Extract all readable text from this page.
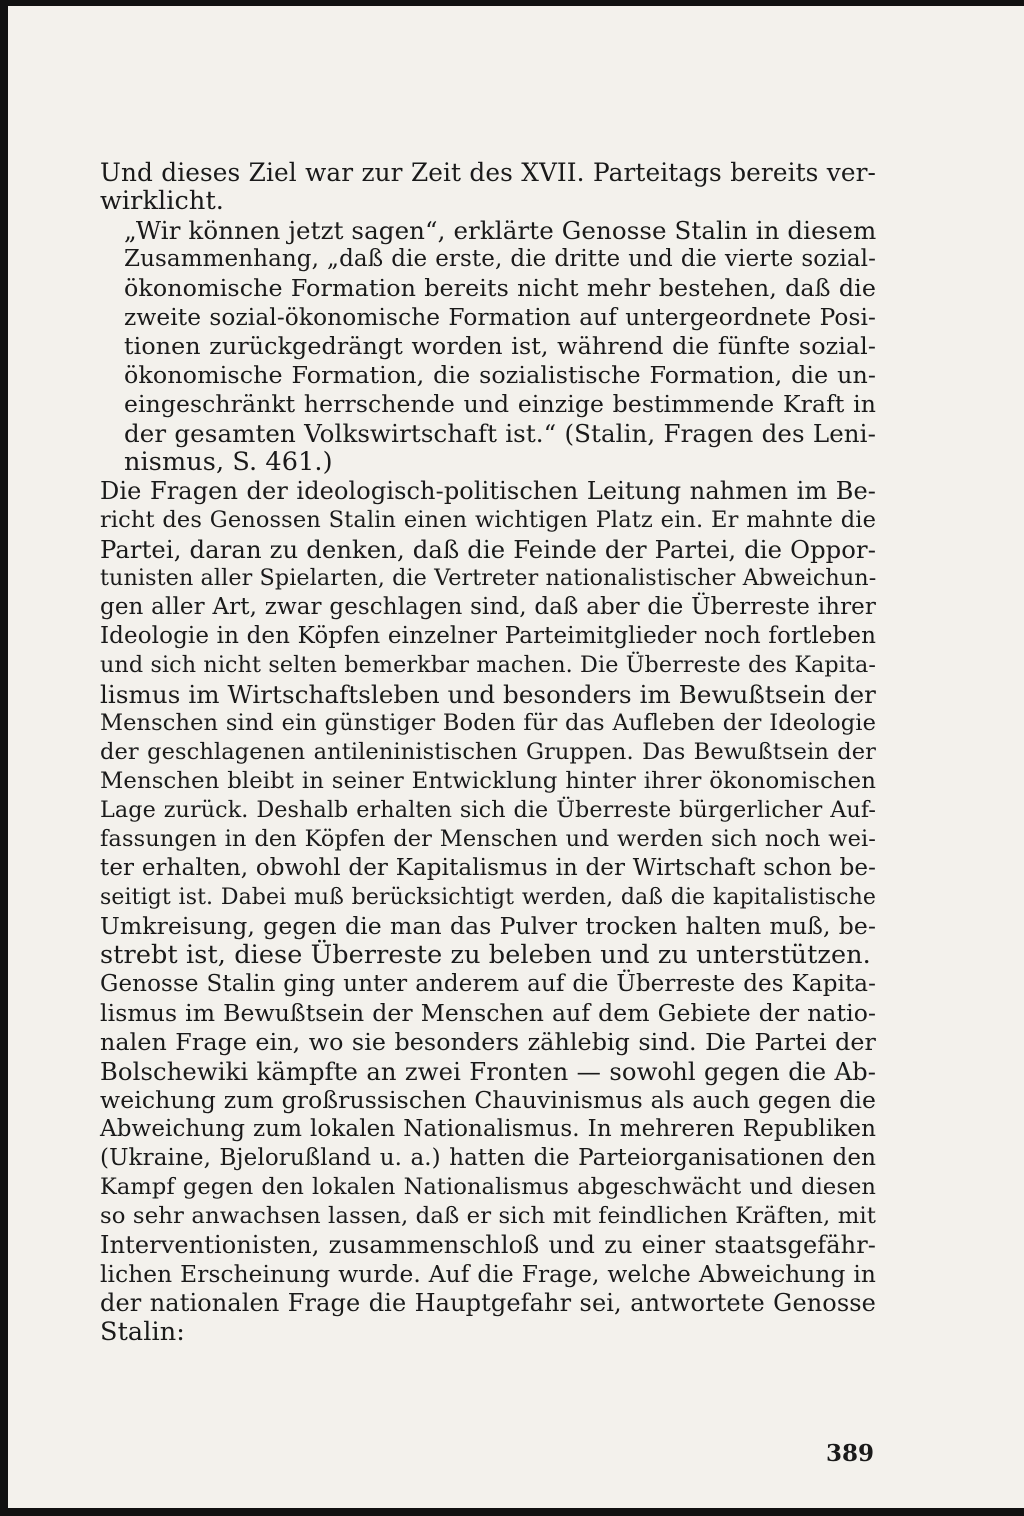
Und dieses Ziel war zur Zeit des XVII. Parteitags bereits ver-
wirklicht.
„Wir können jetzt sagen“, erklärte Genosse Stalin in diesem
Zusammenhang, „daß die erste, die dritte und die vierte sozial-
ökonomische Formation bereits nicht mehr bestehen, daß die
zweite sozial-ökonomische Formation auf untergeordnete Posi-
tionen zurückgedrängt worden ist, während die fünfte sozial-
ökonomische Formation, die sozialistische Formation, die un-
eingeschränkt herrschende und einzige bestimmende Kraft in
der gesamten Volkswirtschaft ist.“ (Stalin, Fragen des Leni-
nismus, S. 461.)
Die Fragen der ideologisch-politischen Leitung nahmen im Be-
richt des Genossen Stalin einen wichtigen Platz ein. Er mahnte die
Partei, daran zu denken, daß die Feinde der Partei, die Oppor-
tunisten aller Spielarten, die Vertreter nationalistischer Abweichun-
gen aller Art, zwar geschlagen sind, daß aber die Überreste ihrer
Ideologie in den Köpfen einzelner Parteimitglieder noch fortleben
und sich nicht selten bemerkbar machen. Die Überreste des Kapita-
lismus im Wirtschaftsleben und besonders im Bewußtsein der
Menschen sind ein günstiger Boden für das Aufleben der Ideologie
der geschlagenen antileninistischen Gruppen. Das Bewußtsein der
Menschen bleibt in seiner Entwicklung hinter ihrer ökonomischen
Lage zurück. Deshalb erhalten sich die Überreste bürgerlicher Auf-
fassungen in den Köpfen der Menschen und werden sich noch wei-
ter erhalten, obwohl der Kapitalismus in der Wirtschaft schon be-
seitigt ist. Dabei muß berücksichtigt werden, daß die kapitalistische
Umkreisung, gegen die man das Pulver trocken halten muß, be-
strebt ist, diese Überreste zu beleben und zu unterstützen.
Genosse Stalin ging unter anderem auf die Überreste des Kapita-
lismus im Bewußtsein der Menschen auf dem Gebiete der natio-
nalen Frage ein, wo sie besonders zählebig sind. Die Partei der
Bolschewiki kämpfte an zwei Fronten — sowohl gegen die Ab-
weichung zum großrussischen Chauvinismus als auch gegen die
Abweichung zum lokalen Nationalismus. In mehreren Republiken
(Ukraine, Bjelorußland u. a.) hatten die Parteiorganisationen den
Kampf gegen den lokalen Nationalismus abgeschwächt und diesen
so sehr anwachsen lassen, daß er sich mit feindlichen Kräften, mit
Interventionisten, zusammenschloß und zu einer staatsgefähr-
lichen Erscheinung wurde. Auf die Frage, welche Abweichung in
der nationalen Frage die Hauptgefahr sei, antwortete Genosse
Stalin:
389
